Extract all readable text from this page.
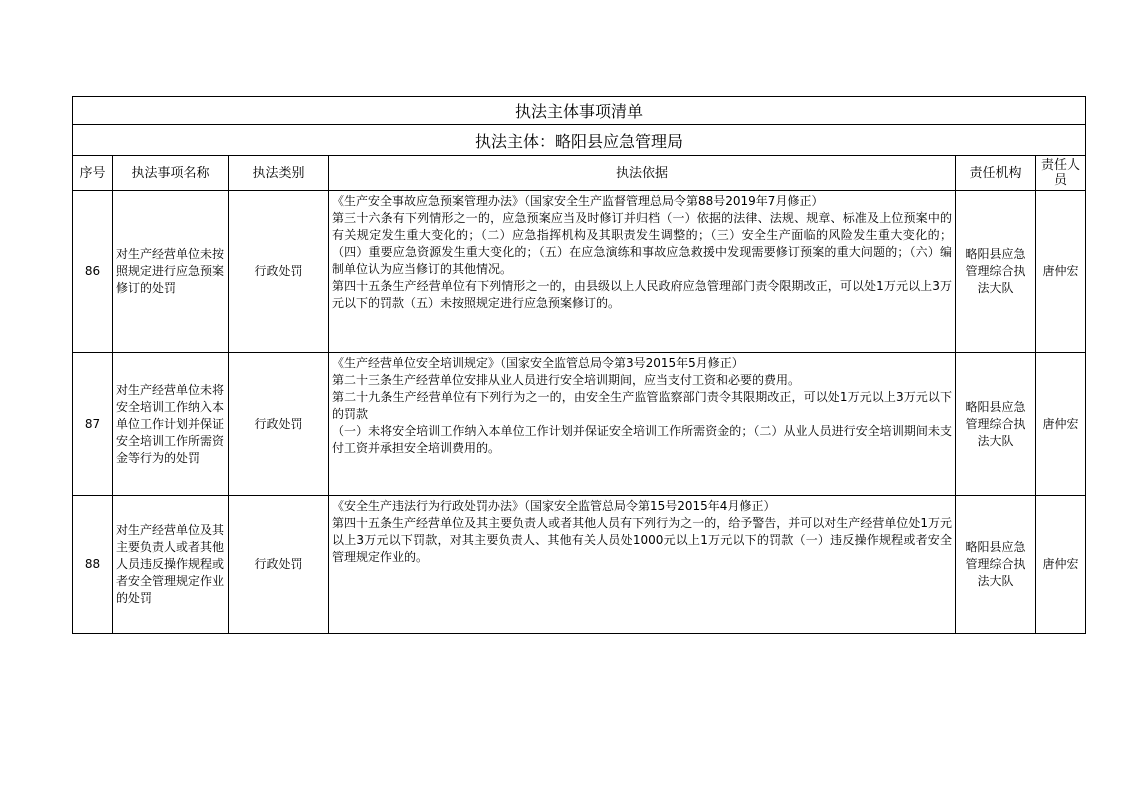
执法主体事项清单					
执法主体：略阳县应急管理局					
序号	执法事项名称	执法类别	执法依据	责任机构	责任人员
86	对生产经营单位未按照规定进行应急预案修订的处罚	行政处罚	《生产安全事故应急预案管理办法》（国家安全生产监督管理总局令第88号2019年7月修正）
第三十六条有下列情形之一的，应急预案应当及时修订并归档（一）依据的法律、法规、规章、标准及上位预案中的有关规定发生重大变化的；（二）应急指挥机构及其职责发生调整的；（三）安全生产面临的风险发生重大变化的；（四）重要应急资源发生重大变化的；（五）在应急演练和事故应急救援中发现需要修订预案的重大问题的；（六）编制单位认为应当修订的其他情况。
第四十五条生产经营单位有下列情形之一的，由县级以上人民政府应急管理部门责令限期改正，可以处1万元以上3万元以下的罚款（五）未按照规定进行应急预案修订的。	略阳县应急管理综合执法大队	唐仲宏
87	对生产经营单位未将安全培训工作纳入本单位工作计划并保证安全培训工作所需资金等行为的处罚	行政处罚	《生产经营单位安全培训规定》（国家安全监管总局令第3号2015年5月修正）
第二十三条生产经营单位安排从业人员进行安全培训期间，应当支付工资和必要的费用。
第二十九条生产经营单位有下列行为之一的，由安全生产监管监察部门责令其限期改正，可以处1万元以上3万元以下的罚款
（一）未将安全培训工作纳入本单位工作计划并保证安全培训工作所需资金的；（二）从业人员进行安全培训期间未支付工资并承担安全培训费用的。	略阳县应急管理综合执法大队	唐仲宏
88	对生产经营单位及其主要负责人或者其他人员违反操作规程或者安全管理规定作业的处罚	行政处罚	《安全生产违法行为行政处罚办法》（国家安全监管总局令第15号2015年4月修正）
第四十五条生产经营单位及其主要负责人或者其他人员有下列行为之一的，给予警告，并可以对生产经营单位处1万元以上3万元以下罚款，对其主要负责人、其他有关人员处1000元以上1万元以下的罚款（一）违反操作规程或者安全管理规定作业的。	略阳县应急管理综合执法大队	唐仲宏
